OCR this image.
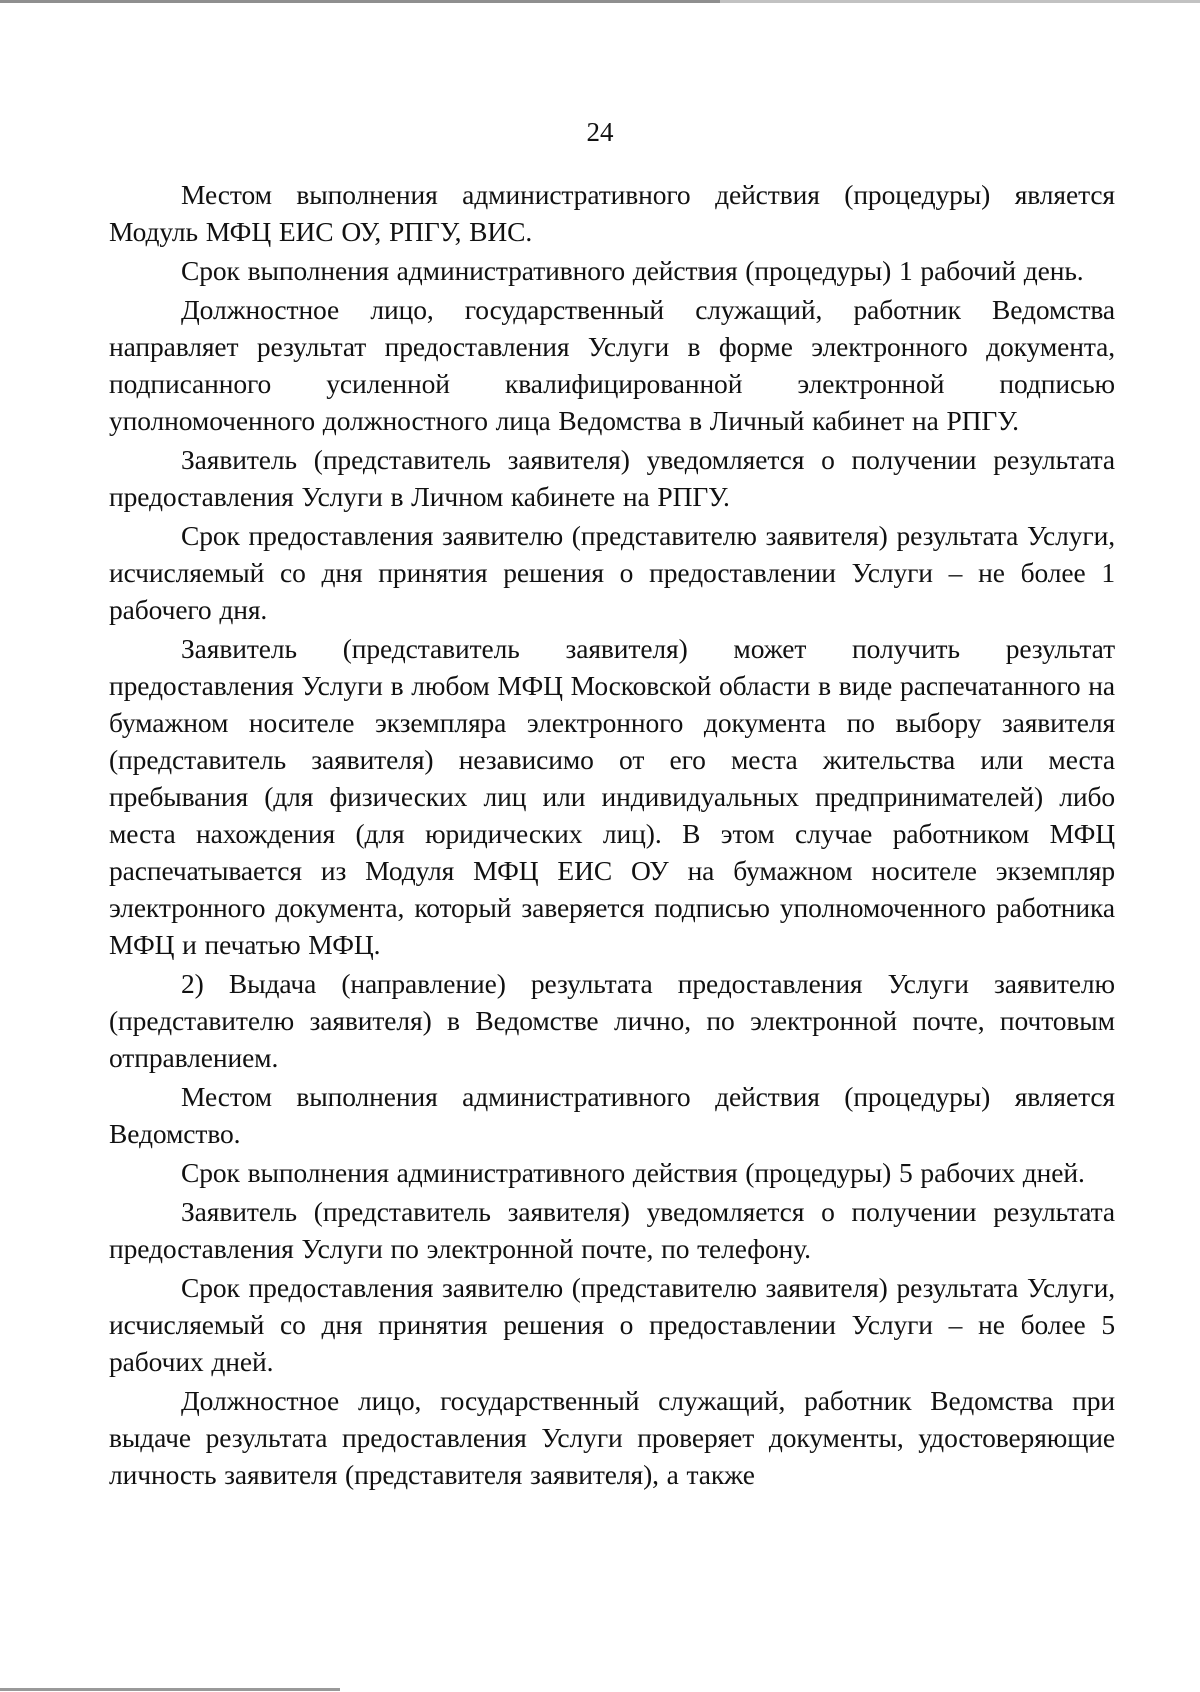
24

Местом выполнения административного действия (процедуры) является Модуль МФЦ ЕИС ОУ, РПГУ, ВИС.

Срок выполнения административного действия (процедуры) 1 рабочий день.

Должностное лицо, государственный служащий, работник Ведомства направляет результат предоставления Услуги в форме электронного документа, подписанного усиленной квалифицированной электронной подписью уполномоченного должностного лица Ведомства в Личный кабинет на РПГУ.

Заявитель (представитель заявителя) уведомляется о получении результата предоставления Услуги в Личном кабинете на РПГУ.

Срок предоставления заявителю (представителю заявителя) результата Услуги, исчисляемый со дня принятия решения о предоставлении Услуги – не более 1 рабочего дня.

Заявитель (представитель заявителя) может получить результат предоставления Услуги в любом МФЦ Московской области в виде распечатанного на бумажном носителе экземпляра электронного документа по выбору заявителя (представитель заявителя) независимо от его места жительства или места пребывания (для физических лиц или индивидуальных предпринимателей) либо места нахождения (для юридических лиц). В этом случае работником МФЦ распечатывается из Модуля МФЦ ЕИС ОУ на бумажном носителе экземпляр электронного документа, который заверяется подписью уполномоченного работника МФЦ и печатью МФЦ.

2) Выдача (направление) результата предоставления Услуги заявителю (представителю заявителя) в Ведомстве лично, по электронной почте, почтовым отправлением.

Местом выполнения административного действия (процедуры) является Ведомство.

Срок выполнения административного действия (процедуры) 5 рабочих дней.

Заявитель (представитель заявителя) уведомляется о получении результата предоставления Услуги по электронной почте, по телефону.

Срок предоставления заявителю (представителю заявителя) результата Услуги, исчисляемый со дня принятия решения о предоставлении Услуги – не более 5 рабочих дней.

Должностное лицо, государственный служащий, работник Ведомства при выдаче результата предоставления Услуги проверяет документы, удостоверяющие личность заявителя (представителя заявителя), а также
